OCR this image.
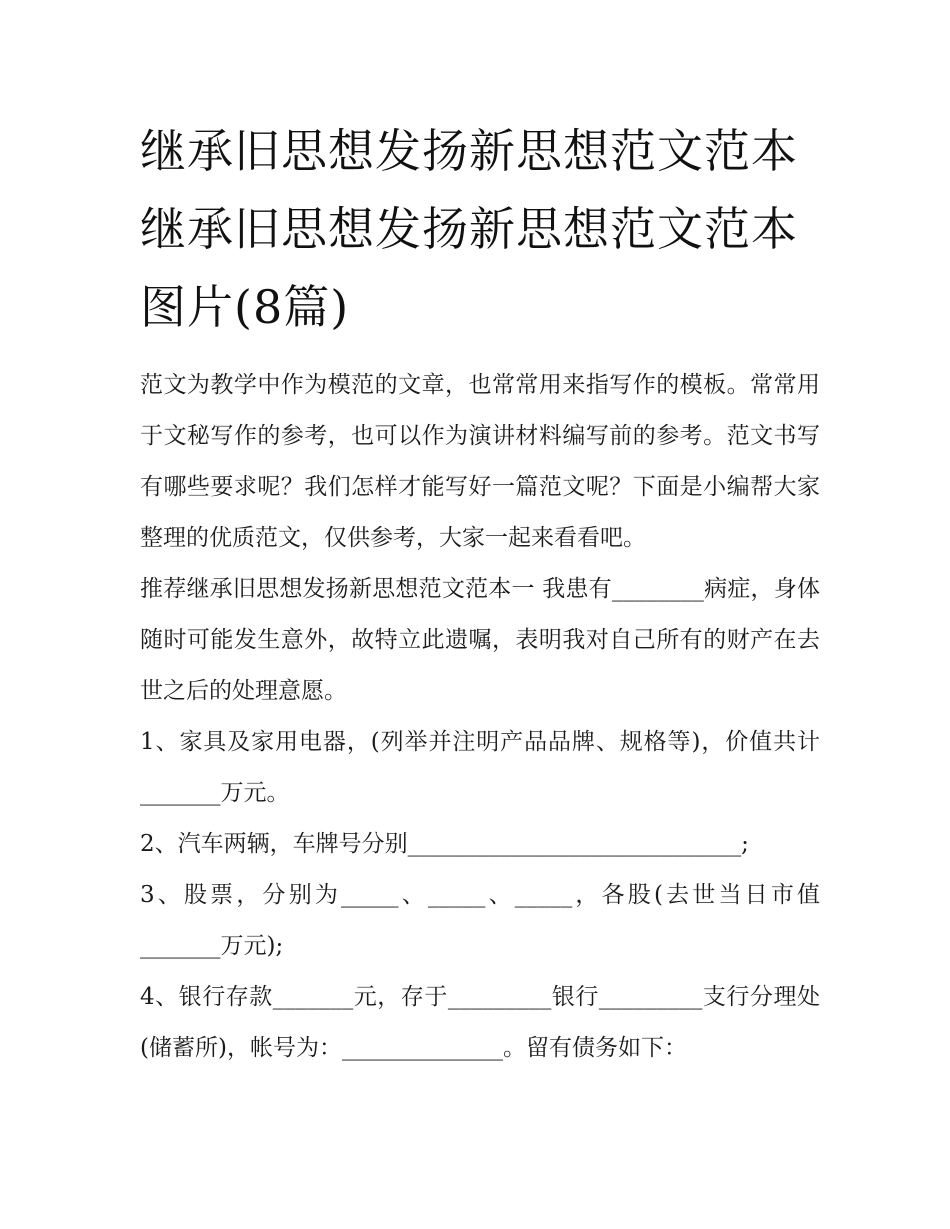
继承旧思想发扬新思想范文范本 继承旧思想发扬新思想范文范本图片(8篇)

范文为教学中作为模范的文章，也常常用来指写作的模板。常常用于文秘写作的参考，也可以作为演讲材料编写前的参考。范文书写有哪些要求呢？我们怎样才能写好一篇范文呢？下面是小编帮大家整理的优质范文，仅供参考，大家一起来看看吧。

推荐继承旧思想发扬新思想范文范本一 我患有________病症，身体随时可能发生意外，故特立此遗嘱，表明我对自己所有的财产在去世之后的处理意愿。

1、家具及家用电器，(列举并注明产品品牌、规格等)，价值共计_______万元。

2、汽车两辆，车牌号分别_____________________________;

3、股票，分别为_____、_____、_____，各股(去世当日市值_______万元);

4、银行存款_______元，存于_________银行_________支行分理处(储蓄所)，帐号为：______________。留有债务如下：
